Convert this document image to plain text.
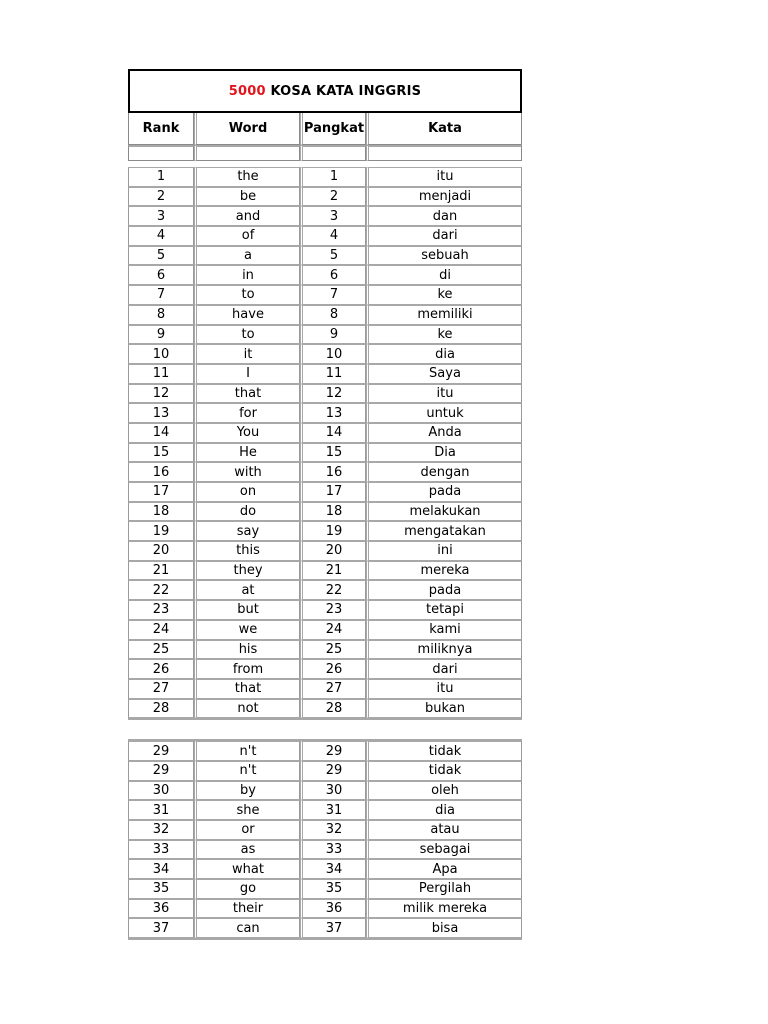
5000
KOSA KATA INGGRIS
Rank	Word	Pangkat	Kata
1	the	1	itu
2	be	2	menjadi
3	and	3	dan
4	of	4	dari
5	a	5	sebuah
6	in	6	di
7	to	7	ke
8	have	8	memiliki
9	to	9	ke
10	it	10	dia
11	I	11	Saya
12	that	12	itu
13	for	13	untuk
14	You	14	Anda
15	He	15	Dia
16	with	16	dengan
17	on	17	pada
18	do	18	melakukan
19	say	19	mengatakan
20	this	20	ini
21	they	21	mereka
22	at	22	pada
23	but	23	tetapi
24	we	24	kami
25	his	25	miliknya
26	from	26	dari
27	that	27	itu
28	not	28	bukan
29	n't	29	tidak
29	n't	29	tidak
30	by	30	oleh
31	she	31	dia
32	or	32	atau
33	as	33	sebagai
34	what	34	Apa
35	go	35	Pergilah
36	their	36	milik mereka
37	can	37	bisa
